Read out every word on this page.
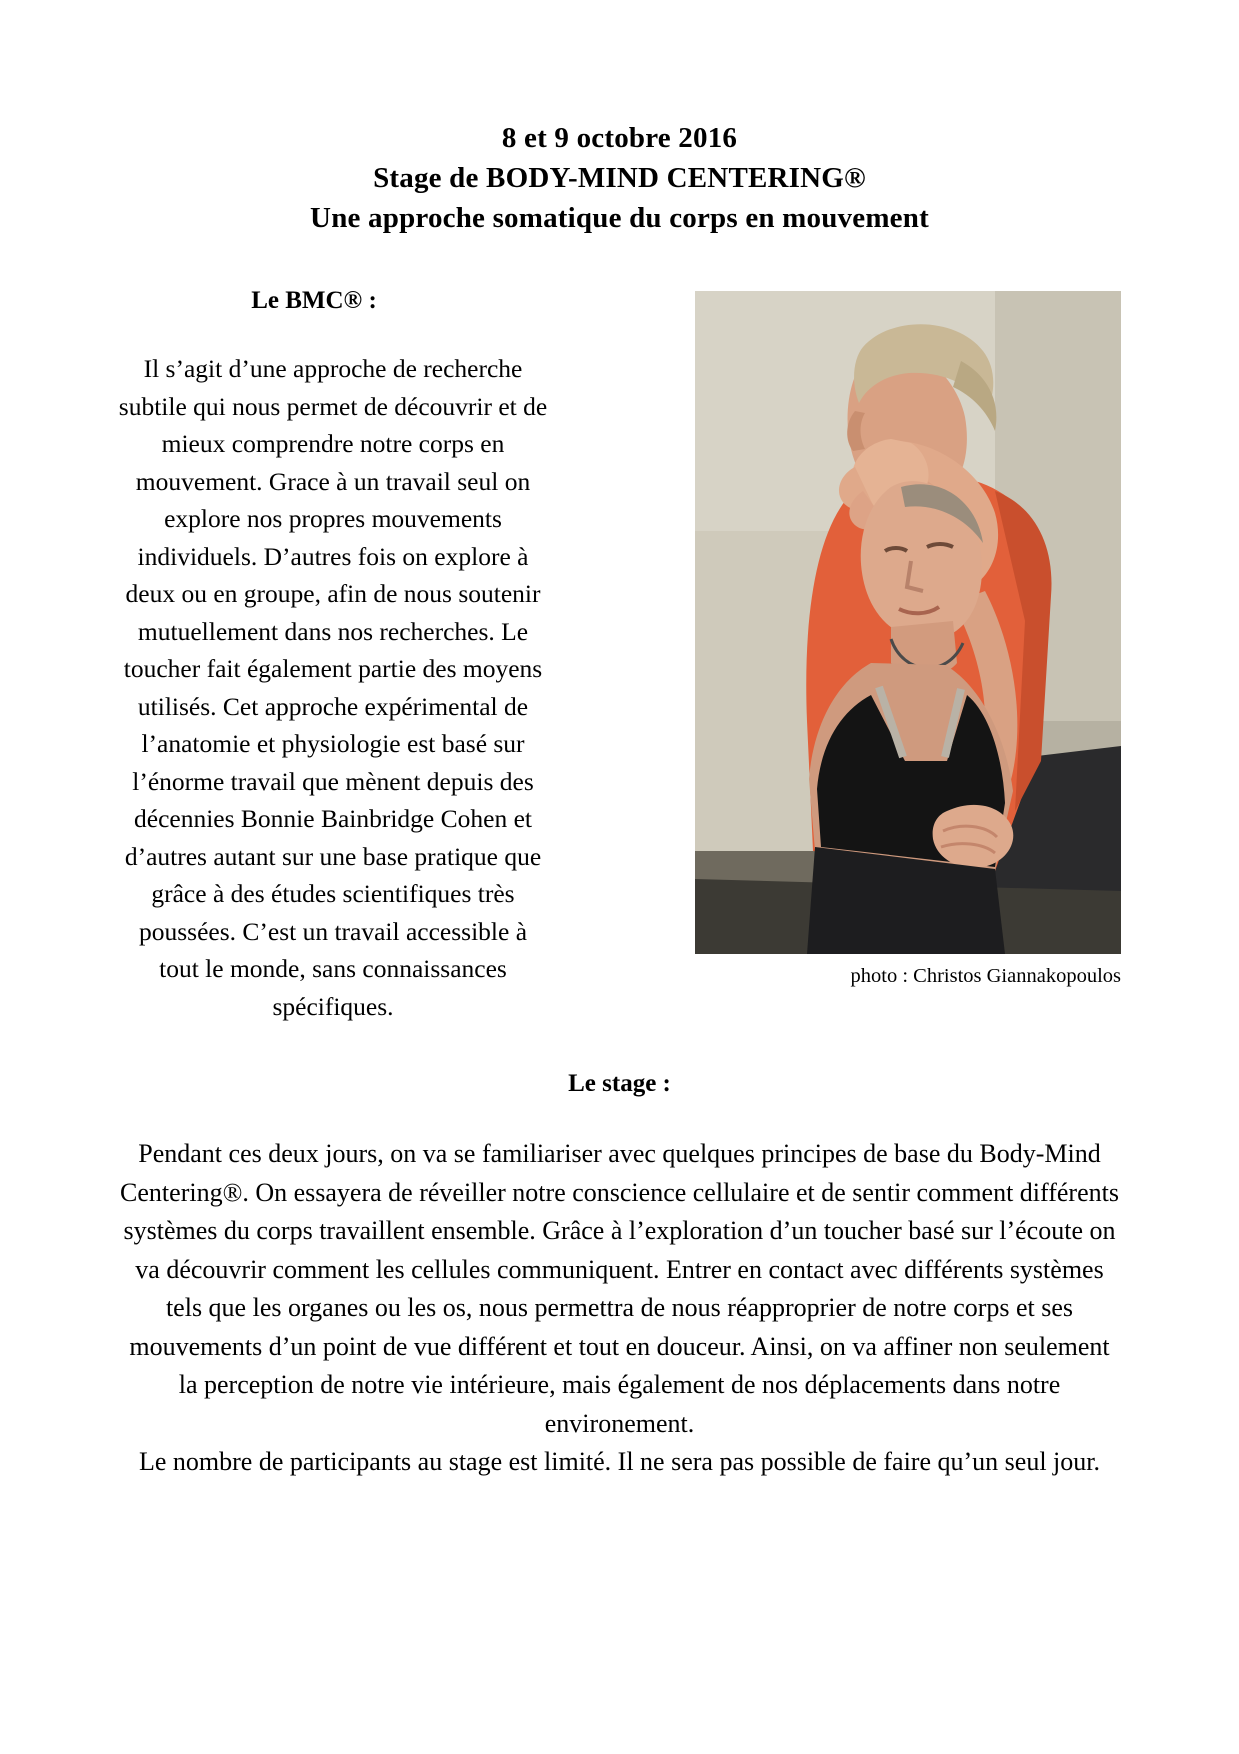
8 et 9 octobre 2016
Stage de BODY-MIND CENTERING®
Une approche somatique du corps en mouvement
photo : Christos Giannakopoulos
Le BMC® :

Il s’agit d’une approche de recherche subtile qui nous permet de découvrir et de mieux comprendre notre corps en mouvement. Grace à un travail seul on explore nos propres mouvements individuels. D’autres fois on explore à deux ou en groupe, afin de nous soutenir mutuellement dans nos recherches. Le toucher fait également partie des moyens utilisés. Cet approche expérimental de l’anatomie et physiologie est basé sur l’énorme travail que mènent depuis des décennies Bonnie Bainbridge Cohen et d’autres autant sur une base pratique que grâce à des études scientifiques très poussées. C’est un travail accessible à tout le monde, sans connaissances spécifiques.

Le stage :

Pendant ces deux jours, on va se familiariser avec quelques principes de base du Body-Mind Centering®. On essayera de réveiller notre conscience cellulaire et de sentir comment différents systèmes du corps travaillent ensemble. Grâce à l’exploration d’un toucher basé sur l’écoute on va découvrir comment les cellules communiquent. Entrer en contact avec différents systèmes tels que les organes ou les os, nous permettra de nous réapproprier de notre corps et ses mouvements d’un point de vue différent et tout en douceur. Ainsi, on va affiner non seulement la perception de notre vie intérieure, mais également de nos déplacements dans notre environement.

Le nombre de participants au stage est limité. Il ne sera pas possible de faire qu’un seul jour.
